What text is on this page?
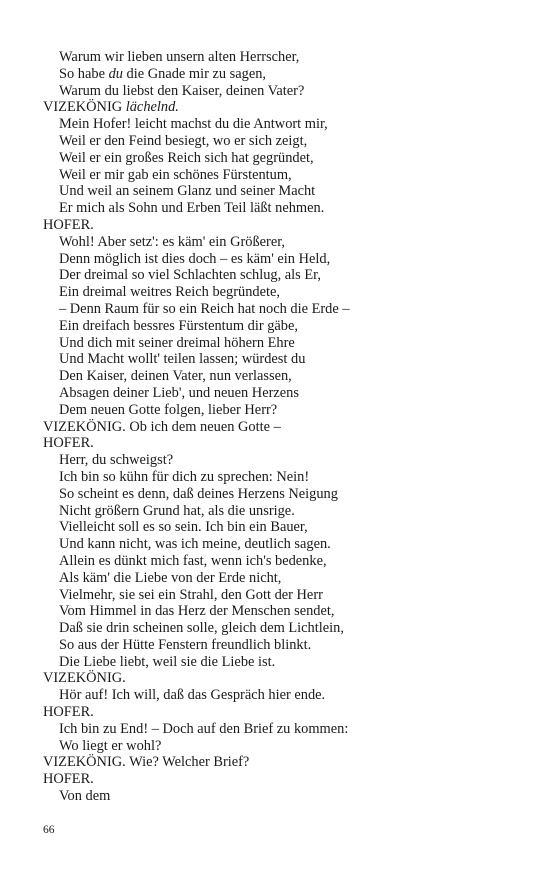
Warum wir lieben unsern alten Herrscher,
So habe du die Gnade mir zu sagen,
Warum du liebst den Kaiser, deinen Vater?
VIZEKÖNIG lächelnd.
Mein Hofer! leicht machst du die Antwort mir,
Weil er den Feind besiegt, wo er sich zeigt,
Weil er ein großes Reich sich hat gegründet,
Weil er mir gab ein schönes Fürstentum,
Und weil an seinem Glanz und seiner Macht
Er mich als Sohn und Erben Teil läßt nehmen.
HOFER.
Wohl! Aber setz': es käm' ein Größerer,
Denn möglich ist dies doch – es käm' ein Held,
Der dreimal so viel Schlachten schlug, als Er,
Ein dreimal weitres Reich begründete,
– Denn Raum für so ein Reich hat noch die Erde –
Ein dreifach bessres Fürstentum dir gäbe,
Und dich mit seiner dreimal höhern Ehre
Und Macht wollt' teilen lassen; würdest du
Den Kaiser, deinen Vater, nun verlassen,
Absagen deiner Lieb', und neuen Herzens
Dem neuen Gotte folgen, lieber Herr?
VIZEKÖNIG. Ob ich dem neuen Gotte –
HOFER.
Herr, du schweigst?
Ich bin so kühn für dich zu sprechen: Nein!
So scheint es denn, daß deines Herzens Neigung
Nicht größern Grund hat, als die unsrige.
Vielleicht soll es so sein. Ich bin ein Bauer,
Und kann nicht, was ich meine, deutlich sagen.
Allein es dünkt mich fast, wenn ich's bedenke,
Als käm' die Liebe von der Erde nicht,
Vielmehr, sie sei ein Strahl, den Gott der Herr
Vom Himmel in das Herz der Menschen sendet,
Daß sie drin scheinen solle, gleich dem Lichtlein,
So aus der Hütte Fenstern freundlich blinkt.
Die Liebe liebt, weil sie die Liebe ist.
VIZEKÖNIG.
Hör auf! Ich will, daß das Gespräch hier ende.
HOFER.
Ich bin zu End! – Doch auf den Brief zu kommen:
Wo liegt er wohl?
VIZEKÖNIG. Wie? Welcher Brief?
HOFER.
Von dem
66
